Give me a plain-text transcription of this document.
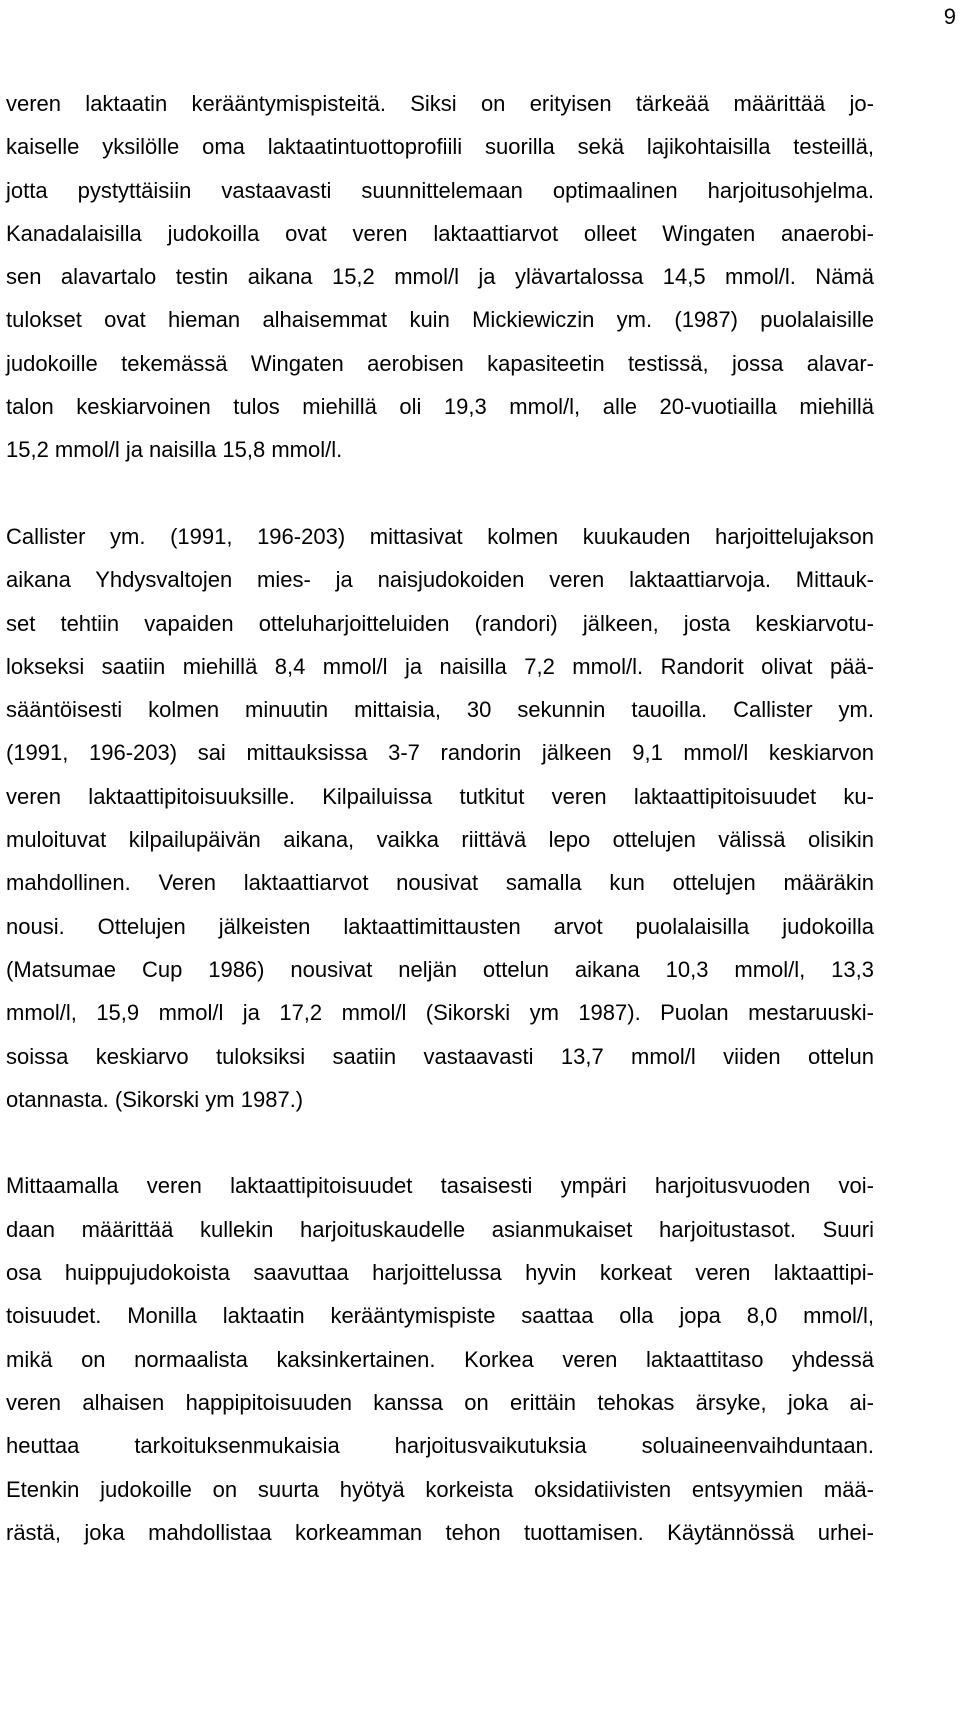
9
veren laktaatin kerääntymispisteitä. Siksi on erityisen tärkeää määrittää jo-
kaiselle yksilölle oma laktaatintuottoprofiili suorilla sekä lajikohtaisilla testeillä,
jotta pystyttäisiin vastaavasti suunnittelemaan optimaalinen harjoitusohjelma.
Kanadalaisilla judokoilla ovat veren laktaattiarvot olleet Wingaten anaerobi-
sen alavartalo testin aikana 15,2 mmol/l ja ylävartalossa 14,5 mmol/l. Nämä
tulokset ovat hieman alhaisemmat kuin Mickiewiczin ym. (1987) puolalaisille
judokoille tekemässä Wingaten aerobisen kapasiteetin testissä, jossa alavar-
talon keskiarvoinen tulos miehillä oli 19,3 mmol/l, alle 20-vuotiailla miehillä
15,2 mmol/l ja naisilla 15,8 mmol/l.
Callister ym. (1991, 196-203) mittasivat kolmen kuukauden harjoittelujakson
aikana Yhdysvaltojen mies- ja naisjudokoiden veren laktaattiarvoja. Mittauk-
set tehtiin vapaiden otteluharjoitteluiden (randori) jälkeen, josta keskiarvotu-
lokseksi saatiin miehillä 8,4 mmol/l ja naisilla 7,2 mmol/l. Randorit olivat pää-
sääntöisesti kolmen minuutin mittaisia, 30 sekunnin tauoilla. Callister ym.
(1991, 196-203) sai mittauksissa 3-7 randorin jälkeen 9,1 mmol/l keskiarvon
veren laktaattipitoisuuksille. Kilpailuissa tutkitut veren laktaattipitoisuudet ku-
muloituvat kilpailupäivän aikana, vaikka riittävä lepo ottelujen välissä olisikin
mahdollinen. Veren laktaattiarvot nousivat samalla kun ottelujen määräkin
nousi. Ottelujen jälkeisten laktaattimittausten arvot puolalaisilla judokoilla
(Matsumae Cup 1986) nousivat neljän ottelun aikana 10,3 mmol/l, 13,3
mmol/l, 15,9 mmol/l ja 17,2 mmol/l (Sikorski ym 1987). Puolan mestaruuski-
soissa keskiarvo tuloksiksi saatiin vastaavasti 13,7 mmol/l viiden ottelun
otannasta. (Sikorski ym 1987.)
Mittaamalla veren laktaattipitoisuudet tasaisesti ympäri harjoitusvuoden voi-
daan määrittää kullekin harjoituskaudelle asianmukaiset harjoitustasot. Suuri
osa huippujudokoista saavuttaa harjoittelussa hyvin korkeat veren laktaattipi-
toisuudet. Monilla laktaatin kerääntymispiste saattaa olla jopa 8,0 mmol/l,
mikä on normaalista kaksinkertainen. Korkea veren laktaattitaso yhdessä
veren alhaisen happipitoisuuden kanssa on erittäin tehokas ärsyke, joka ai-
heuttaa tarkoituksenmukaisia harjoitusvaikutuksia soluaineenvaihduntaan.
Etenkin judokoille on suurta hyötyä korkeista oksidatiivisten entsyymien mää-
rästä, joka mahdollistaa korkeamman tehon tuottamisen. Käytännössä urhei-
